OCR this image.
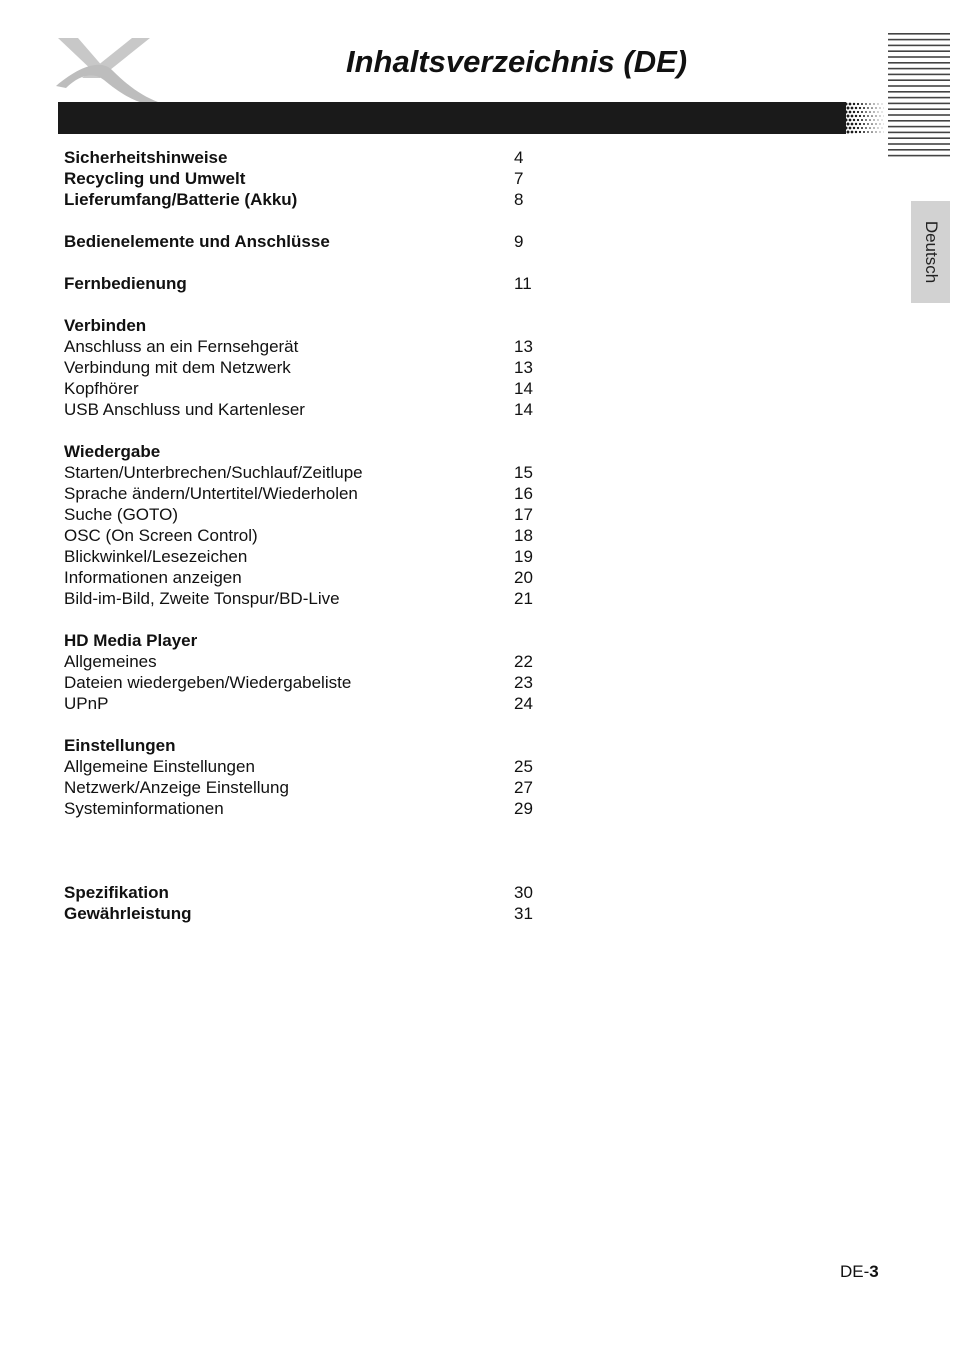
Inhaltsverzeichnis (DE)
Deutsch
Sicherheitshinweise	4
Recycling und Umwelt	7
Lieferumfang/Batterie (Akku)	8
Bedienelemente und Anschlüsse	9
Fernbedienung	11
Verbinden
Anschluss an ein Fernsehgerät	13
Verbindung mit dem Netzwerk	13
Kopfhörer	14
USB Anschluss und Kartenleser	14
Wiedergabe
Starten/Unterbrechen/Suchlauf/Zeitlupe	15
Sprache ändern/Untertitel/Wiederholen	16
Suche (GOTO)	17
OSC (On Screen Control)	18
Blickwinkel/Lesezeichen	19
Informationen anzeigen	20
Bild-im-Bild, Zweite Tonspur/BD-Live	21
HD Media Player
Allgemeines	22
Dateien wiedergeben/Wiedergabeliste	23
UPnP	24
Einstellungen
Allgemeine Einstellungen	25
Netzwerk/Anzeige Einstellung	27
Systeminformationen	29
Spezifikation	30
Gewährleistung	31
DE-3
